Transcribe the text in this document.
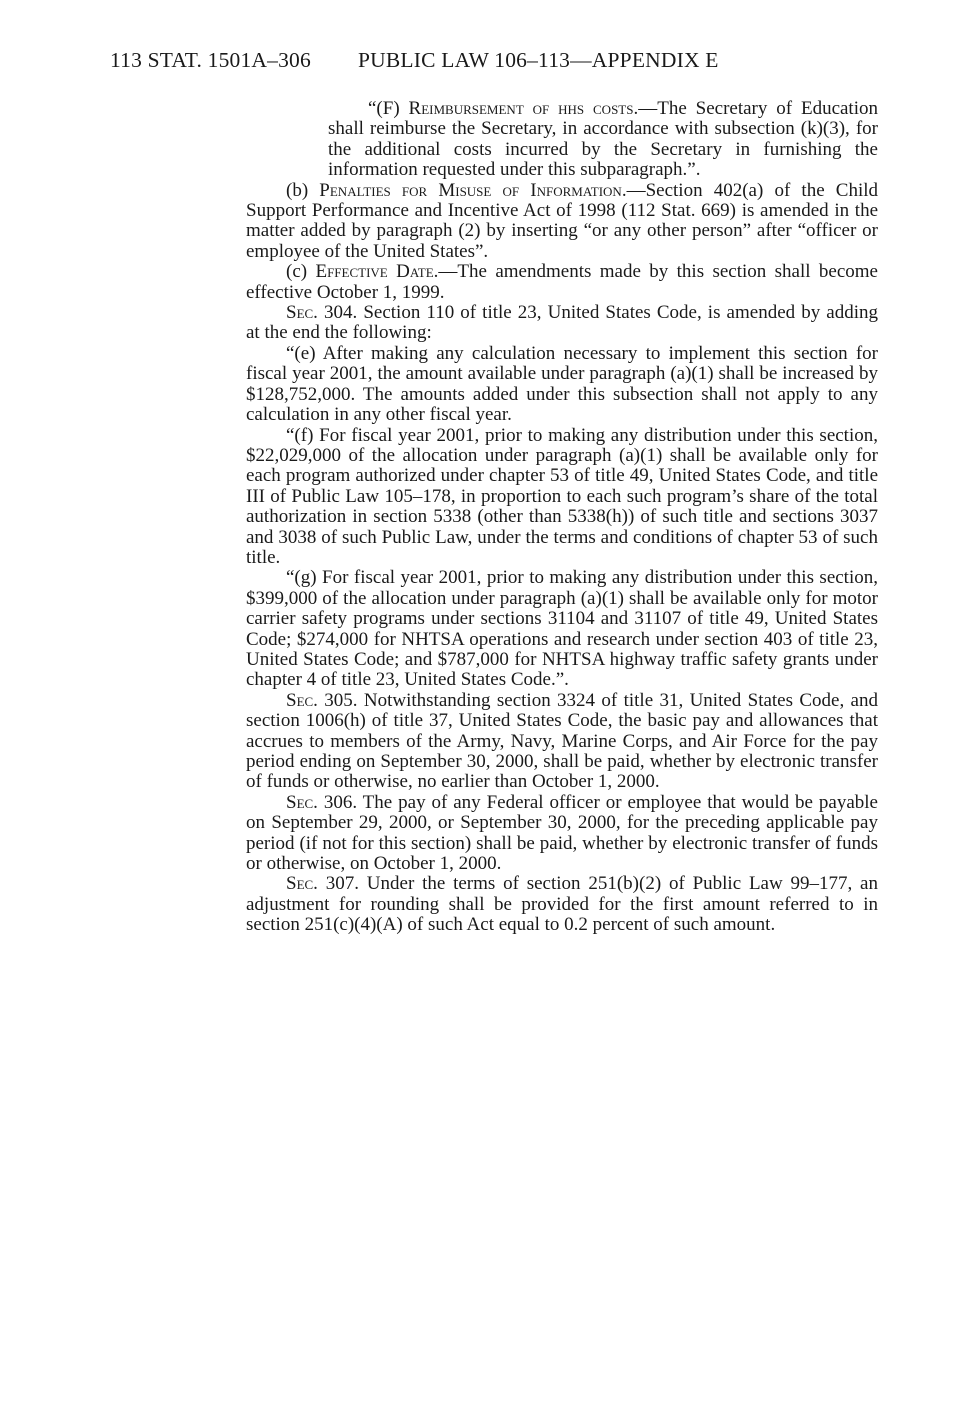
113 STAT. 1501A–306 PUBLIC LAW 106–113—APPENDIX E

“(F) Reimbursement of hhs costs.—The Secretary of Education shall reimburse the Secretary, in accordance with subsection (k)(3), for the additional costs incurred by the Secretary in furnishing the information requested under this subparagraph.”.

(b) Penalties for Misuse of Information.—Section 402(a) of the Child Support Performance and Incentive Act of 1998 (112 Stat. 669) is amended in the matter added by paragraph (2) by inserting “or any other person” after “officer or employee of the United States”.

(c) Effective Date.—The amendments made by this section shall become effective October 1, 1999.

Sec. 304. Section 110 of title 23, United States Code, is amended by adding at the end the following:

“(e) After making any calculation necessary to implement this section for fiscal year 2001, the amount available under paragraph (a)(1) shall be increased by $128,752,000. The amounts added under this subsection shall not apply to any calculation in any other fiscal year.

“(f) For fiscal year 2001, prior to making any distribution under this section, $22,029,000 of the allocation under paragraph (a)(1) shall be available only for each program authorized under chapter 53 of title 49, United States Code, and title III of Public Law 105–178, in proportion to each such program’s share of the total authorization in section 5338 (other than 5338(h)) of such title and sections 3037 and 3038 of such Public Law, under the terms and conditions of chapter 53 of such title.

“(g) For fiscal year 2001, prior to making any distribution under this section, $399,000 of the allocation under paragraph (a)(1) shall be available only for motor carrier safety programs under sections 31104 and 31107 of title 49, United States Code; $274,000 for NHTSA operations and research under section 403 of title 23, United States Code; and $787,000 for NHTSA highway traffic safety grants under chapter 4 of title 23, United States Code.”.

Sec. 305. Notwithstanding section 3324 of title 31, United States Code, and section 1006(h) of title 37, United States Code, the basic pay and allowances that accrues to members of the Army, Navy, Marine Corps, and Air Force for the pay period ending on September 30, 2000, shall be paid, whether by electronic transfer of funds or otherwise, no earlier than October 1, 2000.

Sec. 306. The pay of any Federal officer or employee that would be payable on September 29, 2000, or September 30, 2000, for the preceding applicable pay period (if not for this section) shall be paid, whether by electronic transfer of funds or otherwise, on October 1, 2000.

Sec. 307. Under the terms of section 251(b)(2) of Public Law 99–177, an adjustment for rounding shall be provided for the first amount referred to in section 251(c)(4)(A) of such Act equal to 0.2 percent of such amount.
